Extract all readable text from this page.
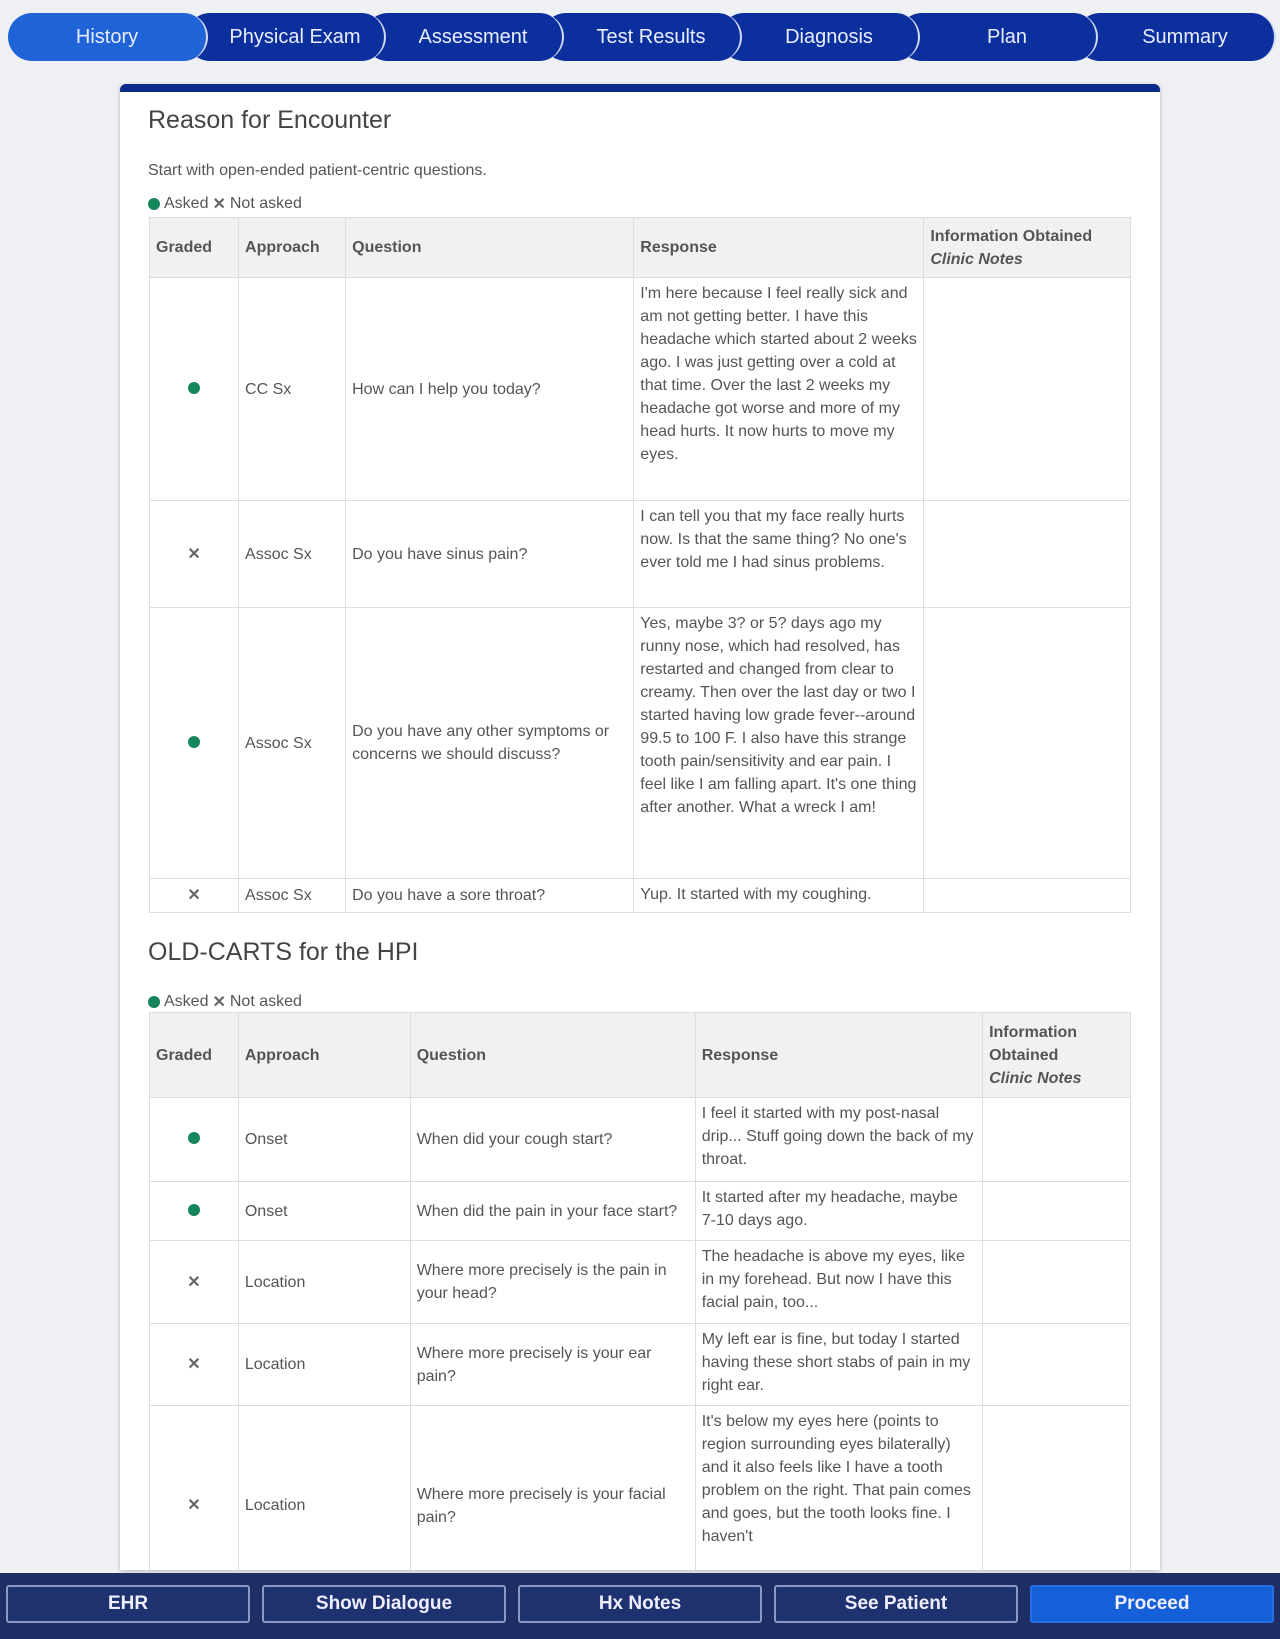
History	Physical Exam	Assessment	Test Results	Diagnosis	Plan	Summary
Reason for Encounter
Start with open-ended patient-centric questions.
Asked ✕ Not asked
Graded	Approach	Question	Response	Information Obtained
Clinic Notes

	CC Sx	How can I help you today?	I'm here because I feel really sick and am not getting better. I have this headache which started about 2 weeks ago. I was just getting over a cold at that time. Over the last 2 weeks my headache got worse and more of my head hurts. It now hurts to move my eyes.	
✕	Assoc Sx	Do you have sinus pain?	I can tell you that my face really hurts now. Is that the same thing? No one's ever told me I had sinus problems.	
	Assoc Sx	Do you have any other symptoms or concerns we should discuss?	Yes, maybe 3? or 5? days ago my runny nose, which had resolved, has restarted and changed from clear to creamy. Then over the last day or two I started having low grade fever--around 99.5 to 100 F. I also have this strange tooth pain/sensitivity and ear pain. I feel like I am falling apart. It's one thing after another. What a wreck I am!	
✕	Assoc Sx	Do you have a sore throat?	Yup. It started with my coughing.	
OLD-CARTS for the HPI
Asked ✕ Not asked
Graded	Approach	Question	Response	Information Obtained
Clinic Notes

	Onset	When did your cough start?	I feel it started with my post-nasal drip... Stuff going down the back of my throat.	
	Onset	When did the pain in your face start?	It started after my headache, maybe 7-10 days ago.	
✕	Location	Where more precisely is the pain in your head?	The headache is above my eyes, like in my forehead. But now I have this facial pain, too...	
✕	Location	Where more precisely is your ear pain?	My left ear is fine, but today I started having these short stabs of pain in my right ear.	
✕	Location	Where more precisely is your facial pain?	It's below my eyes here (points to region surrounding eyes bilaterally) and it also feels like I have a tooth problem on the right. That pain comes and goes, but the tooth looks fine. I haven't	
EHR	Show Dialogue	Hx Notes	See Patient	Proceed
